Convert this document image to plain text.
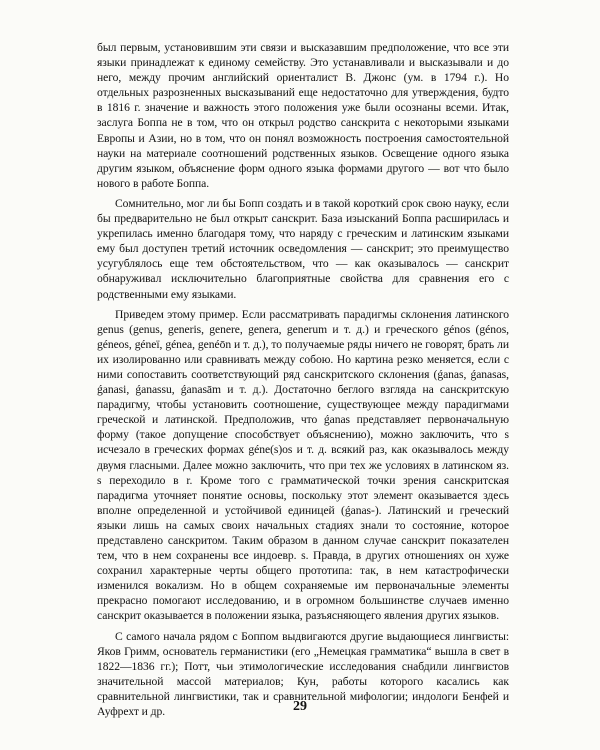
был первым, установившим эти связи и высказавшим предположение, что все эти языки принадлежат к единому семейству. Это устанавливали и высказывали и до него, между прочим английский ориенталист В. Джонс (ум. в 1794 г.). Но отдельных разрозненных высказываний еще недостаточно для утверждения, будто в 1816 г. значение и важность этого положения уже были осознаны всеми. Итак, заслуга Боппа не в том, что он открыл родство санскрита с некоторыми языками Европы и Азии, но в том, что он понял возможность построения самостоятельной науки на материале соотношений родственных языков. Освещение одного языка другим языком, объяснение форм одного языка формами другого — вот что было нового в работе Боппа.

Сомнительно, мог ли бы Бопп создать и в такой короткий срок свою науку, если бы предварительно не был открыт санскрит. База изысканий Боппа расширилась и укрепилась именно благодаря тому, что наряду с греческим и латинским языками ему был доступен третий источник осведомления — санскрит; это преимущество усугублялось еще тем обстоятельством, что — как оказывалось — санскрит обнаруживал исключительно благоприятные свойства для сравнения его с родственными ему языками.

Приведем этому пример. Если рассматривать парадигмы склонения латинского genus (genus, generis, genere, genera, generum и т. д.) и греческого génos (génos, géneos, géneï, génea, genéōn и т. д.), то получаемые ряды ничего не говорят, брать ли их изолированно или сравнивать между собою. Но картина резко меняется, если с ними сопоставить соответствующий ряд санскритского склонения (ǵanas, ǵanasas, ǵanasi, ǵanassu, ǵanasām и т. д.). Достаточно беглого взгляда на санскритскую парадигму, чтобы установить соотношение, существующее между парадигмами греческой и латинской. Предположив, что ǵanas представляет первоначальную форму (такое допущение способствует объяснению), можно заключить, что s исчезало в греческих формах géne(s)os и т. д. всякий раз, как оказывалось между двумя гласными. Далее можно заключить, что при тех же условиях в латинском яз. s переходило в r. Кроме того с грамматической точки зрения санскритская парадигма уточняет понятие основы, поскольку этот элемент оказывается здесь вполне определенной и устойчивой единицей (ǵanas-). Латинский и греческий языки лишь на самых своих начальных стадиях знали то состояние, которое представлено санскритом. Таким образом в данном случае санскрит показателен тем, что в нем сохранены все индоевр. s. Правда, в других отношениях он хуже сохранил характерные черты общего прототипа: так, в нем катастрофически изменился вокализм. Но в общем сохраняемые им первоначальные элементы прекрасно помогают исследованию, и в огромном большинстве случаев именно санскрит оказывается в положении языка, разъясняющего явления других языков.

С самого начала рядом с Боппом выдвигаются другие выдающиеся лингвисты: Яков Гримм, основатель германистики (его „Немецкая грамматика“ вышла в свет в 1822—1836 гг.); Потт, чьи этимологические исследования снабдили лингвистов значительной массой материалов; Кун, работы которого касались как сравнительной лингвистики, так и сравнительной мифологии; индологи Бенфей и Ауфрехт и др.	29
